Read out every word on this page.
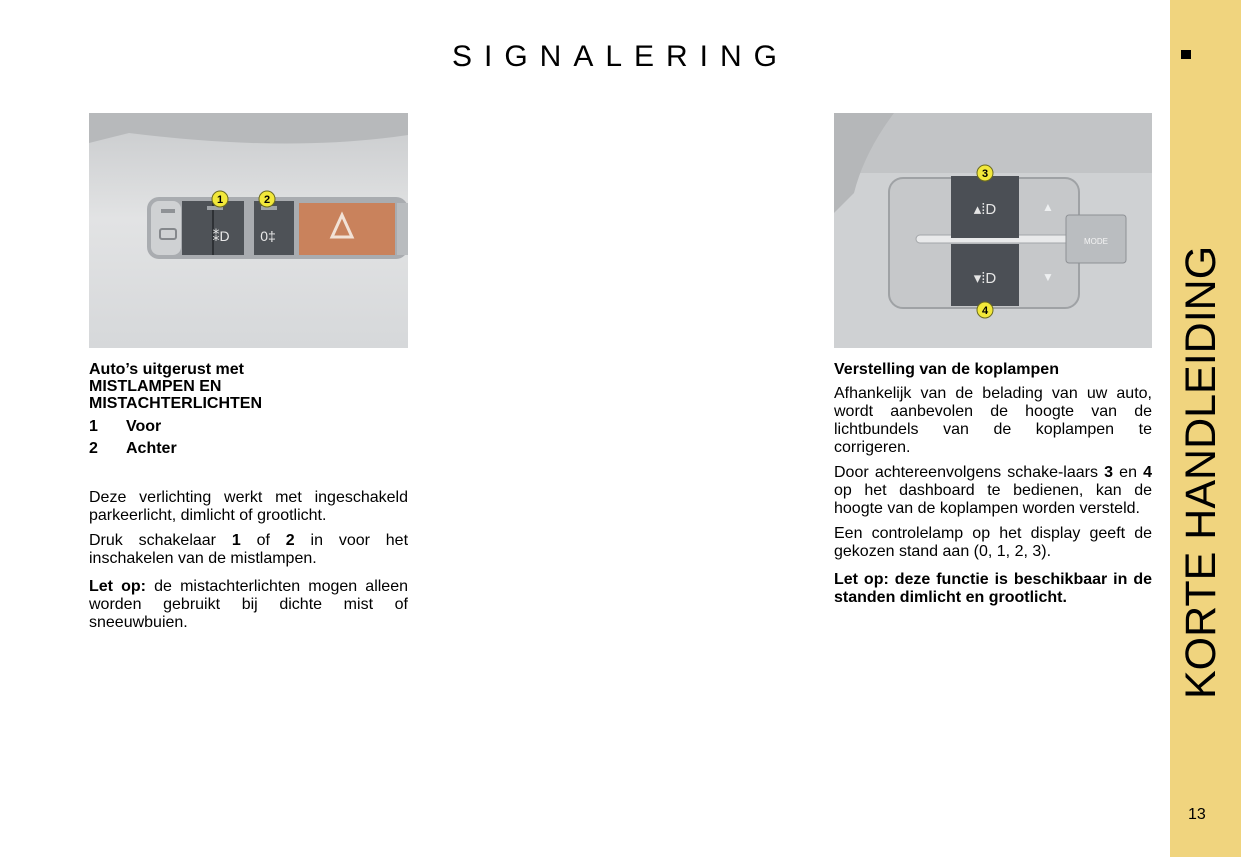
SIGNALERING
KORTE HANDLEIDING
13
⁑D 0‡
1	2
▴⁞D
▾⁞D
▲
▼
MODE
3
4
Auto’s uitgerust met
MISTLAMPEN EN
MISTACHTERLICHTEN
1 Voor
2 Achter

Deze verlichting werkt met ingeschakeld parkeerlicht, dimlicht of grootlicht.

Druk schakelaar 1 of 2 in voor het inschakelen van de mistlampen.

Let op: de mistachterlichten mogen alleen worden gebruikt bij dichte mist of sneeuwbuien.

Verstelling van de koplampen

Afhankelijk van de belading van uw auto, wordt aanbevolen de hoogte van de lichtbundels van de koplampen te corrigeren.

Door achtereenvolgens schake-laars 3 en 4 op het dashboard te bedienen, kan de hoogte van de koplampen worden versteld.

Een controlelamp op het display geeft de gekozen stand aan (0, 1, 2, 3).

Let op: deze functie is beschikbaar in de standen dimlicht en grootlicht.
